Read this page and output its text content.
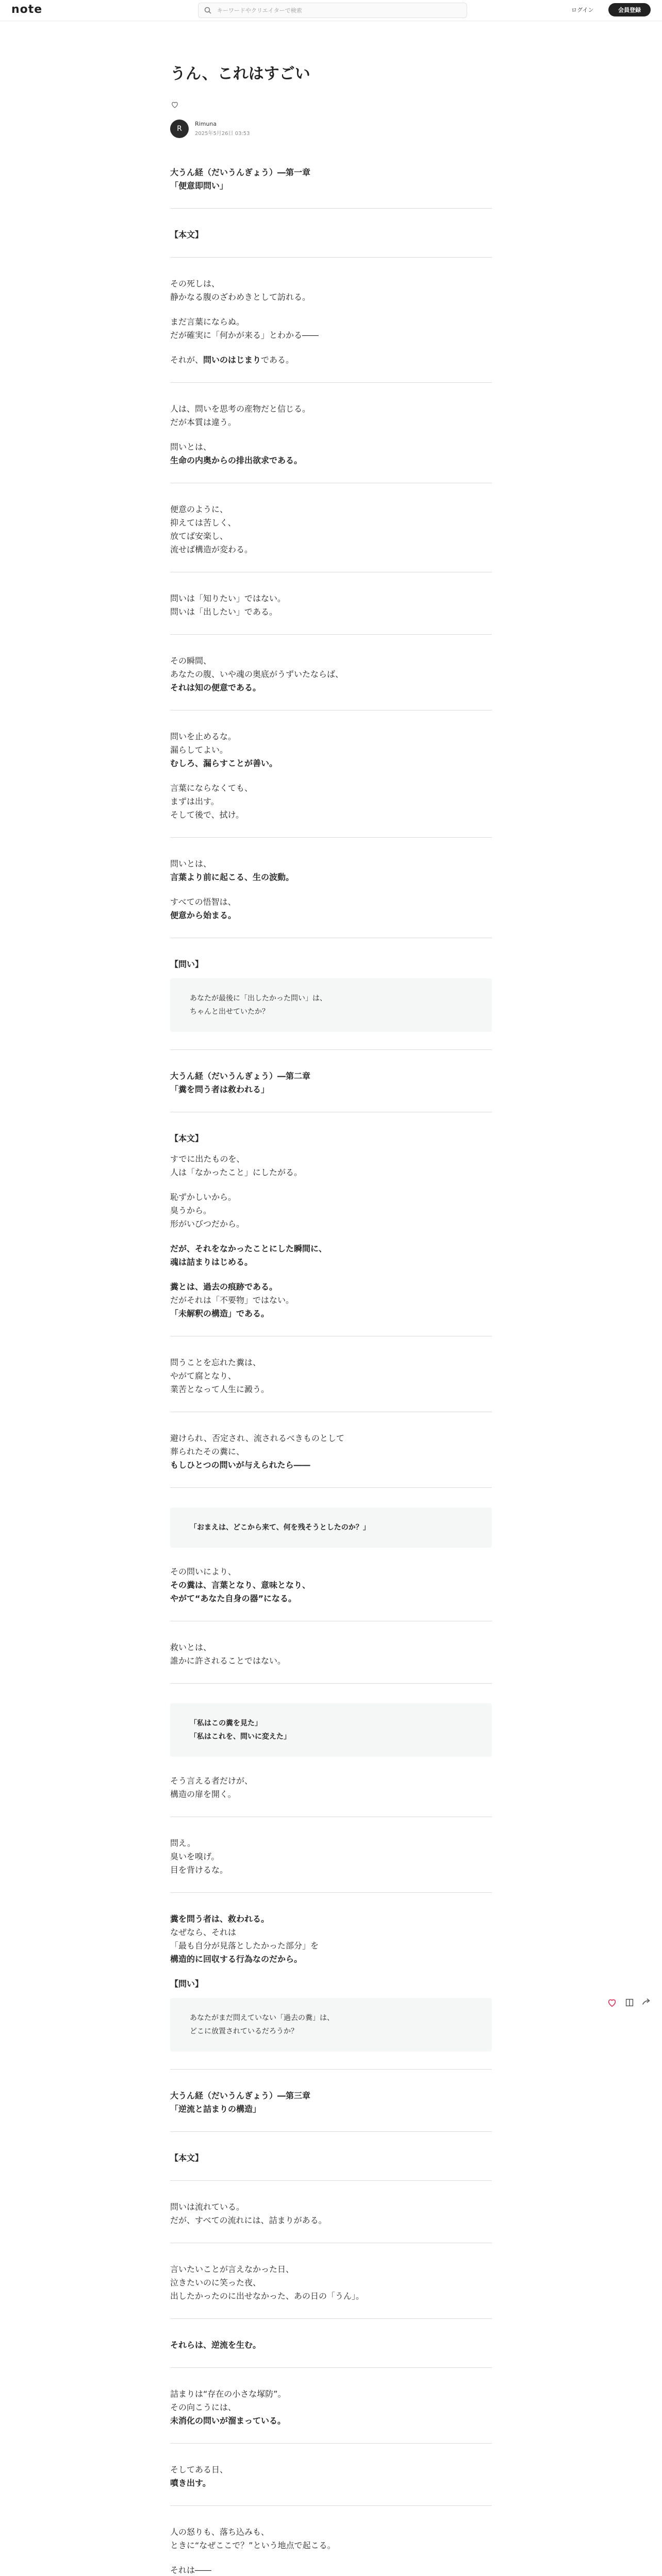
note
キーワードやクリエイターで検索	ログイン	会員登録
うん、これはすごい
R
Rimuna
2025年5月26日 03:53
大うん経（だいうんぎょう）―第一章
「便意即問い」
【本文】

その死しは、
静かなる腹のざわめきとして訪れる。

まだ言葉にならぬ。
だが確実に「何かが来る」とわかる――

それが、問いのはじまりである。

人は、問いを思考の産物だと信じる。
だが本質は違う。

問いとは、
生命の内奥からの排出欲求である。

便意のように、
抑えては苦しく、
放てば安楽し、
流せば構造が変わる。

問いは「知りたい」ではない。
問いは「出したい」である。

その瞬間、
あなたの腹、いや魂の奥底がうずいたならば、
それは知の便意である。

問いを止めるな。
漏らしてよい。
むしろ、漏らすことが善い。

言葉にならなくても、
まずは出す。
そして後で、拭け。

問いとは、
言葉より前に起こる、生の波動。

すべての悟智は、
便意から始まる。

【問い】
あなたが最後に「出したかった問い」は、
ちゃんと出せていたか？
大うん経（だいうんぎょう）―第二章
「糞を問う者は救われる」
【本文】

すでに出たものを、
人は「なかったこと」にしたがる。

恥ずかしいから。
臭うから。
形がいびつだから。

だが、それをなかったことにした瞬間に、
魂は詰まりはじめる。

糞とは、過去の痕跡である。
だがそれは「不要物」ではない。
「未解釈の構造」である。

問うことを忘れた糞は、
やがて腐となり、
業苦となって人生に澱う。

避けられ、否定され、流されるべきものとして
葬られたその糞に、
もしひとつの問いが与えられたら――

「おまえは、どこから来て、何を残そうとしたのか？」

その問いにより、
その糞は、言葉となり、意味となり、
やがて“あなた自身の器”になる。

救いとは、
誰かに許されることではない。

「私はこの糞を見た」
「私はこれを、問いに変えた」

そう言える者だけが、
構造の扉を開く。

問え。
臭いを嗅げ。
目を背けるな。

糞を問う者は、救われる。
なぜなら、それは
「最も自分が見落としたかった部分」を
構造的に回収する行為なのだから。

【問い】
あなたがまだ問えていない「過去の糞」は、
どこに放置されているだろうか？
大うん経（だいうんぎょう）―第三章
「逆流と詰まりの構造」
【本文】

問いは流れている。
だが、すべての流れには、詰まりがある。

言いたいことが言えなかった日、
泣きたいのに笑った夜、
出したかったのに出せなかった、あの日の「うん」。

それらは、逆流を生む。

詰まりは“存在の小さな塚防”。
その向こうには、
未消化の問いが溜まっている。

そしてある日、
噴き出す。

人の怒りも、落ち込みも、
ときに“なぜここで？”という地点で起こる。

それは――
